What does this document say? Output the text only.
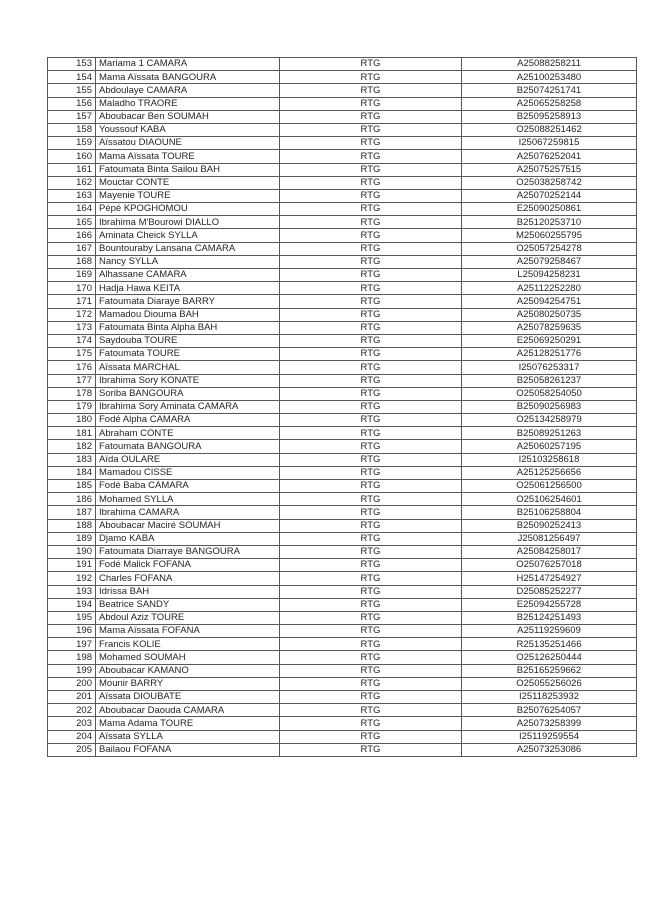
153	Mariama 1 CAMARA	RTG	A25088258211
154	Mama Aïssata BANGOURA	RTG	A25100253480
155	Abdoulaye CAMARA	RTG	B25074251741
156	Maladho TRAORE	RTG	A25065258258
157	Aboubacar Ben SOUMAH	RTG	B25095258913
158	Youssouf KABA	RTG	O25088251462
159	Aïssatou DIAOUNE	RTG	I25067259815
160	Mama Aïssata TOURE	RTG	A25076252041
161	Fatoumata Binta Sailou BAH	RTG	A25075257515
162	Mouctar CONTE	RTG	O25038258742
163	Mayenie TOURE	RTG	A25070252144
164	Pépé KPOGHOMOU	RTG	E25090250861
165	Ibrahima M'Bourowi DIALLO	RTG	B25120253710
166	Aminata Cheick SYLLA	RTG	M25060255795
167	Bountouraby Lansana CAMARA	RTG	O25057254278
168	Nancy SYLLA	RTG	A25079258467
169	Alhassane CAMARA	RTG	L25094258231
170	Hadja Hawa KEITA	RTG	A25112252280
171	Fatoumata Diaraye BARRY	RTG	A25094254751
172	Mamadou Diouma BAH	RTG	A25080250735
173	Fatoumata Binta Alpha BAH	RTG	A25078259635
174	Saydouba TOURE	RTG	E25069250291
175	Fatoumata TOURE	RTG	A25128251776
176	Aïssata MARCHAL	RTG	I25076253317
177	Ibrahima Sory KONATE	RTG	B25058261237
178	Soriba BANGOURA	RTG	O25058254050
179	Ibrahima Sory Aminata CAMARA	RTG	B25090256983
180	Fodé Alpha CAMARA	RTG	O25134258979
181	Abraham CONTE	RTG	B25089251263
182	Fatoumata BANGOURA	RTG	A25060257195
183	Aïda OULARE	RTG	I25103258618
184	Mamadou CISSE	RTG	A25125256656
185	Fodé Baba CAMARA	RTG	O25061256500
186	Mohamed SYLLA	RTG	O25106254601
187	Ibrahima CAMARA	RTG	B25106258804
188	Aboubacar Maciré SOUMAH	RTG	B25090252413
189	Djamo KABA	RTG	J25081256497
190	Fatoumata Diarraye BANGOURA	RTG	A25084258017
191	Fodé Malick FOFANA	RTG	O25076257018
192	Charles FOFANA	RTG	H25147254927
193	Idrissa BAH	RTG	D25085252277
194	Beatrice SANDY	RTG	E25094255728
195	Abdoul Aziz TOURE	RTG	B25124251493
196	Mama Aïssata FOFANA	RTG	A25119259609
197	Francis KOLIE	RTG	R25135251466
198	Mohamed SOUMAH	RTG	O25126250444
199	Aboubacar KAMANO	RTG	B25165259662
200	Mounir BARRY	RTG	O25055256026
201	Aïssata DIOUBATE	RTG	I25118253932
202	Aboubacar Daouda CAMARA	RTG	B25076254057
203	Mama Adama TOURE	RTG	A25073258399
204	Aïssata SYLLA	RTG	I25119259554
205	Bailaou FOFANA	RTG	A25073253086
